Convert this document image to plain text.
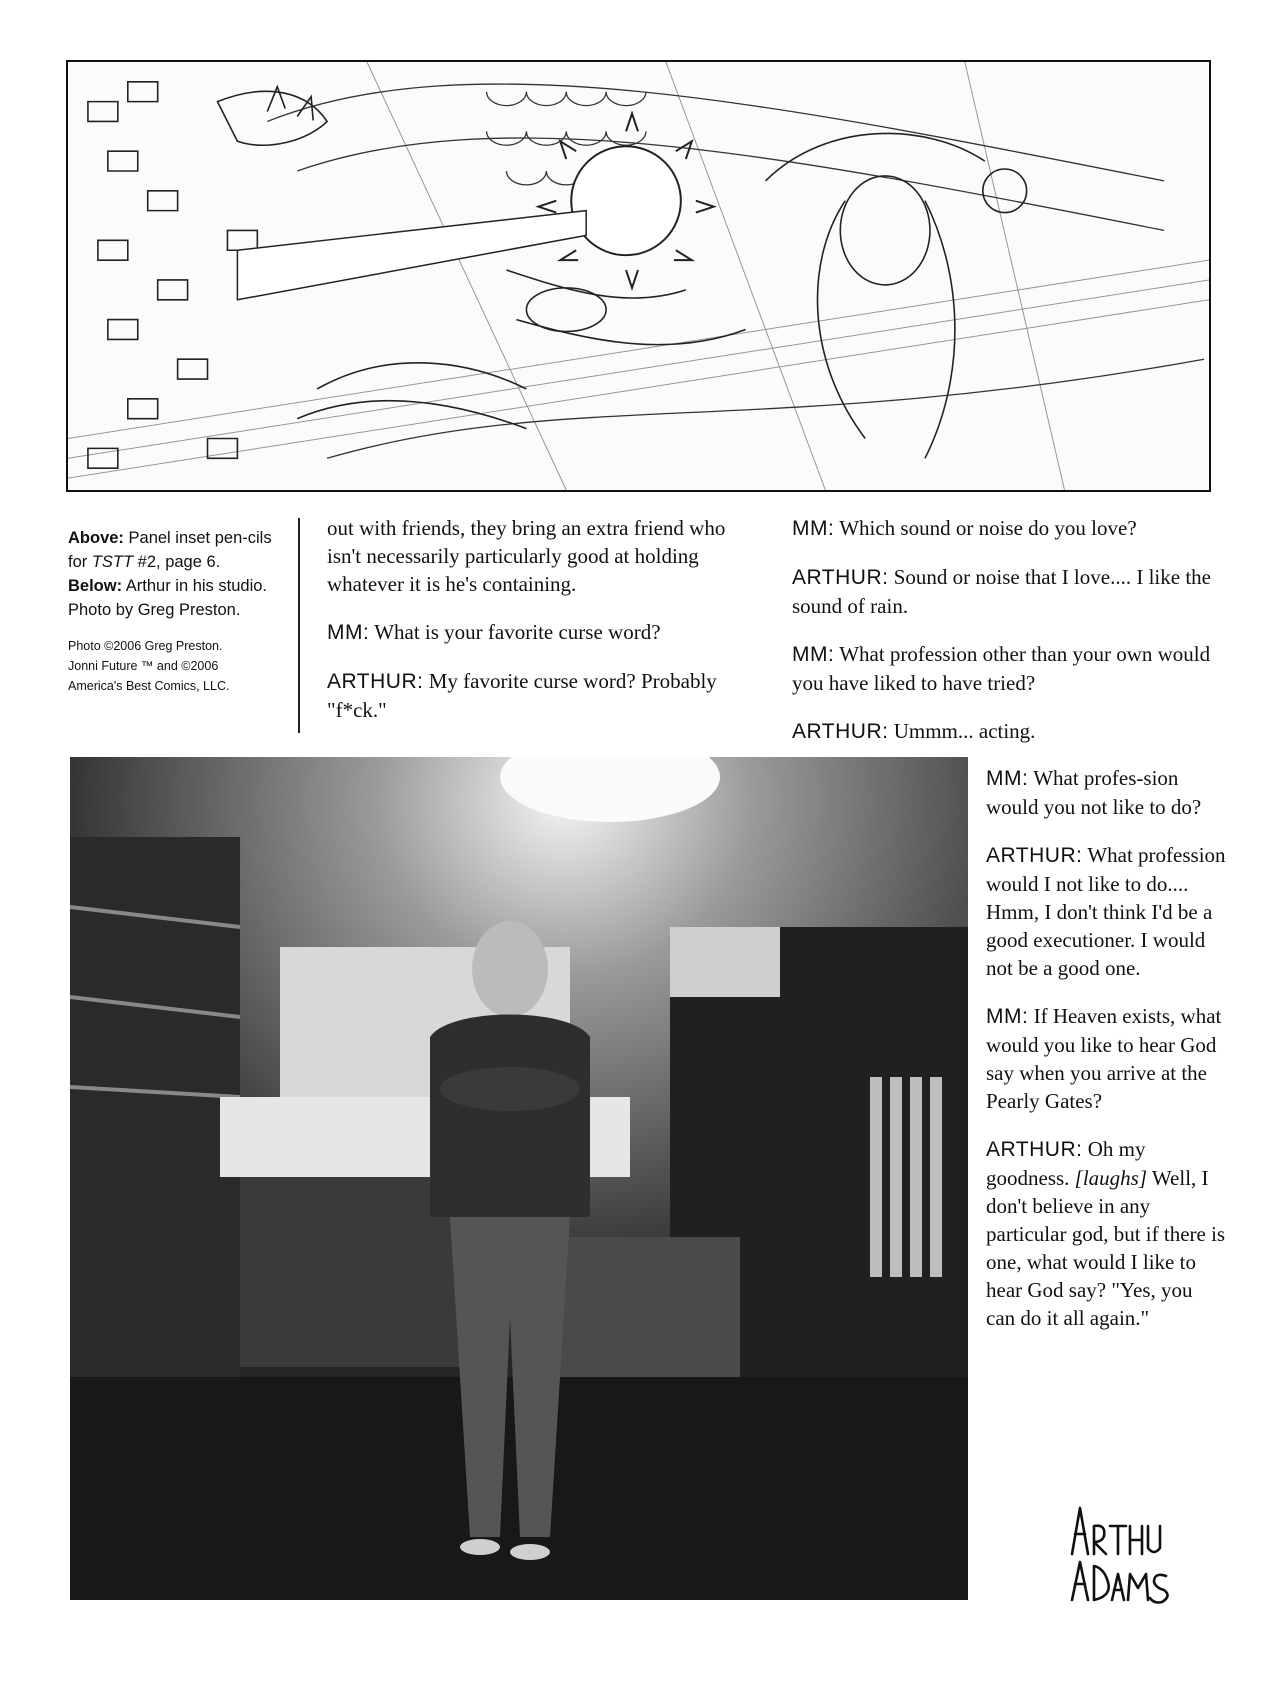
Above: Panel inset pen-cils for TSTT #2, page 6.
Below: Arthur in his studio. Photo by Greg Preston.
Photo ©2006 Greg Preston.
Jonni Future ™ and ©2006
America's Best Comics, LLC.

out with friends, they bring an extra friend who isn't necessarily particularly good at holding whatever it is he's containing.

MM: What is your favorite curse word?

ARTHUR: My favorite curse word? Probably "f*ck."

MM: Which sound or noise do you love?

ARTHUR: Sound or noise that I love.... I like the sound of rain.

MM: What profession other than your own would you have liked to have tried?

ARTHUR: Ummm... acting.

MM: What profes-sion would you not like to do?

ARTHUR: What profession would I not like to do.... Hmm, I don't think I'd be a good executioner. I would not be a good one.

MM: If Heaven exists, what would you like to hear God say when you arrive at the Pearly Gates?

ARTHUR: Oh my goodness. [laughs] Well, I don't believe in any particular god, but if there is one, what would I like to hear God say? "Yes, you can do it all again."
